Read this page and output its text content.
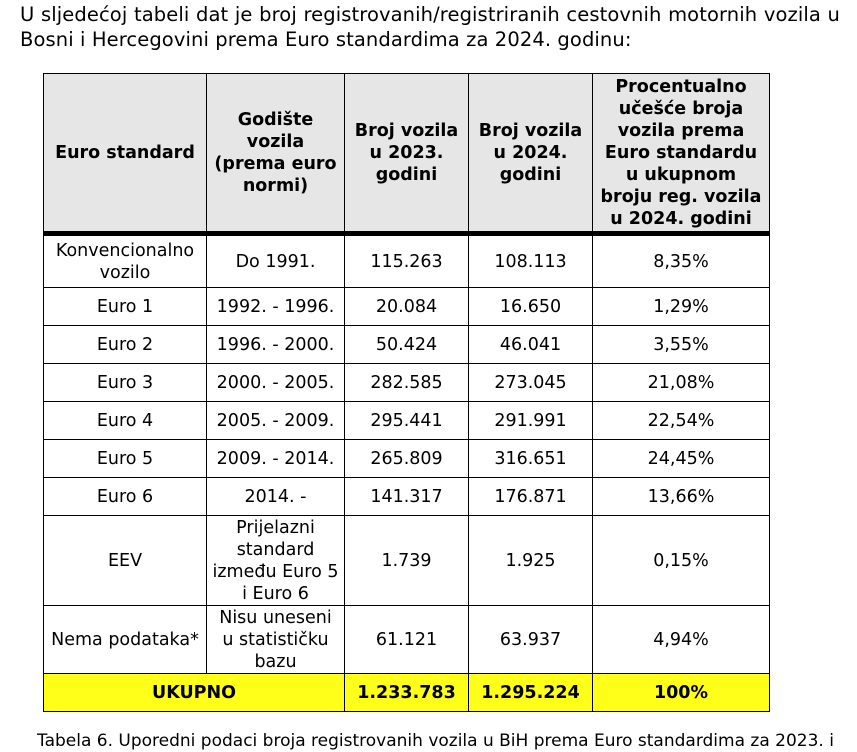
U sljedećoj tabeli dat je broj registrovanih/registriranih cestovnih motornih vozila u Bosni i Hercegovini prema Euro standardima za 2024. godinu:
Euro standard	Godište vozila (prema euro normi)	Broj vozila u 2023. godini	Broj vozila u 2024. godini	Procentualno učešće broja vozila prema Euro standardu u ukupnom broju reg. vozila u 2024. godini
Konvencionalno vozilo	Do 1991.	115.263	108.113	8,35%
Euro 1	1992. - 1996.	20.084	16.650	1,29%
Euro 2	1996. - 2000.	50.424	46.041	3,55%
Euro 3	2000. - 2005.	282.585	273.045	21,08%
Euro 4	2005. - 2009.	295.441	291.991	22,54%
Euro 5	2009. - 2014.	265.809	316.651	24,45%
Euro 6	2014. -	141.317	176.871	13,66%
EEV	Prijelazni standard između Euro 5 i Euro 6	1.739	1.925	0,15%
Nema podataka*	Nisu uneseni u statističku bazu	61.121	63.937	4,94%
UKUPNO		1.233.783	1.295.224	100%
Tabela 6. Uporedni podaci broja registrovanih vozila u BiH prema Euro standardima za 2023. i
